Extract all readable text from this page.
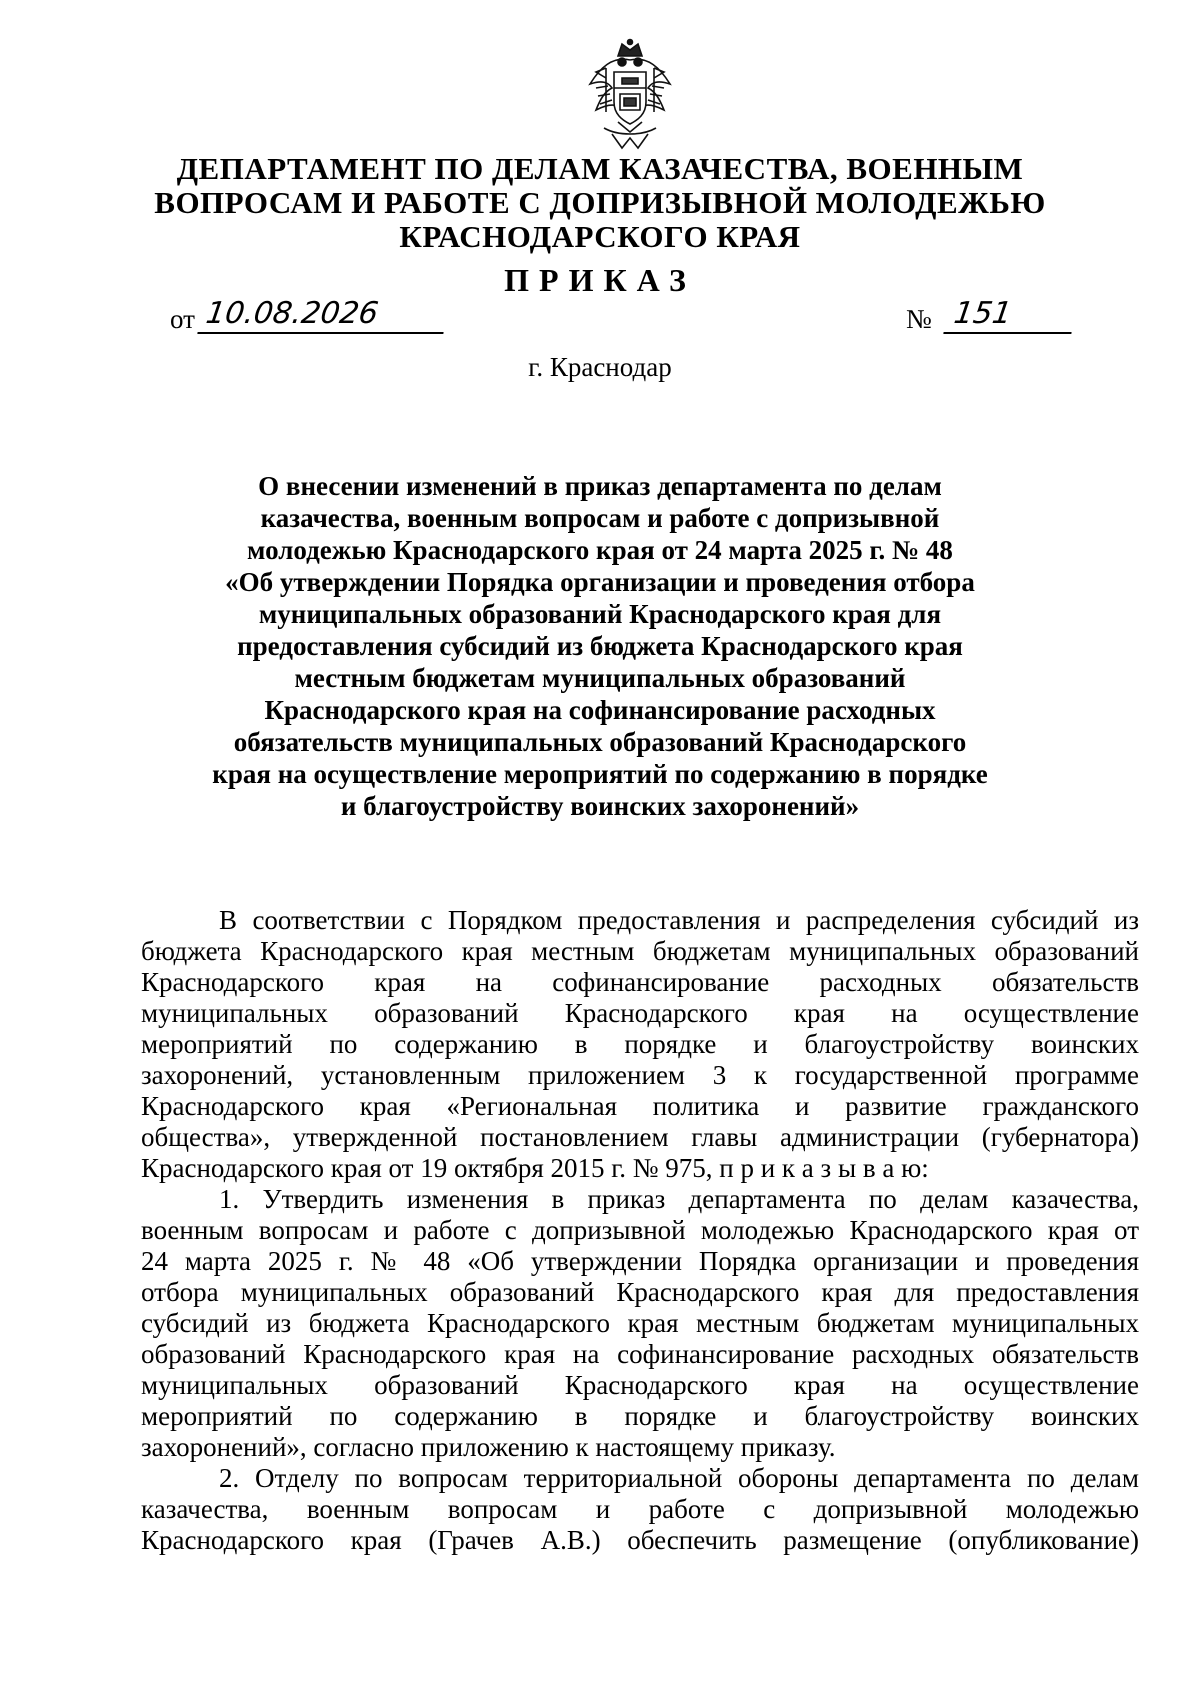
ДЕПАРТАМЕНТ ПО ДЕЛАМ КАЗАЧЕСТВА, ВОЕННЫМ
ВОПРОСАМ И РАБОТЕ С ДОПРИЗЫВНОЙ МОЛОДЕЖЬЮ
КРАСНОДАРСКОГО КРАЯ
ПРИКАЗ
от 10.08.2026	№ 151
г. Краснодар
О внесении изменений в приказ департамента по делам
казачества, военным вопросам и работе с допризывной
молодежью Краснодарского края от 24 марта 2025 г. № 48
«Об утверждении Порядка организации и проведения отбора
муниципальных образований Краснодарского края для
предоставления субсидий из бюджета Краснодарского края
местным бюджетам муниципальных образований
Краснодарского края на софинансирование расходных
обязательств муниципальных образований Краснодарского
края на осуществление мероприятий по содержанию в порядке
и благоустройству воинских захоронений»
В соответствии с Порядком предоставления и распределения субсидий из
бюджета Краснодарского края местным бюджетам муниципальных образований
Краснодарского края на софинансирование расходных обязательств
муниципальных образований Краснодарского края на осуществление
мероприятий по содержанию в порядке и благоустройству воинских
захоронений, установленным приложением 3 к государственной программе
Краснодарского края «Региональная политика и развитие гражданского
общества», утвержденной постановлением главы администрации (губернатора)
Краснодарского края от 19 октября 2015 г. № 975, п р и к а з ы в а ю:
1. Утвердить изменения в приказ департамента по делам казачества,
военным вопросам и работе с допризывной молодежью Краснодарского края от
24 марта 2025 г. № 48 «Об утверждении Порядка организации и проведения
отбора муниципальных образований Краснодарского края для предоставления
субсидий из бюджета Краснодарского края местным бюджетам муниципальных
образований Краснодарского края на софинансирование расходных обязательств
муниципальных образований Краснодарского края на осуществление
мероприятий по содержанию в порядке и благоустройству воинских
захоронений», согласно приложению к настоящему приказу.
2. Отделу по вопросам территориальной обороны департамента по делам
казачества, военным вопросам и работе с допризывной молодежью
Краснодарского края (Грачев А.В.) обеспечить размещение (опубликование)
